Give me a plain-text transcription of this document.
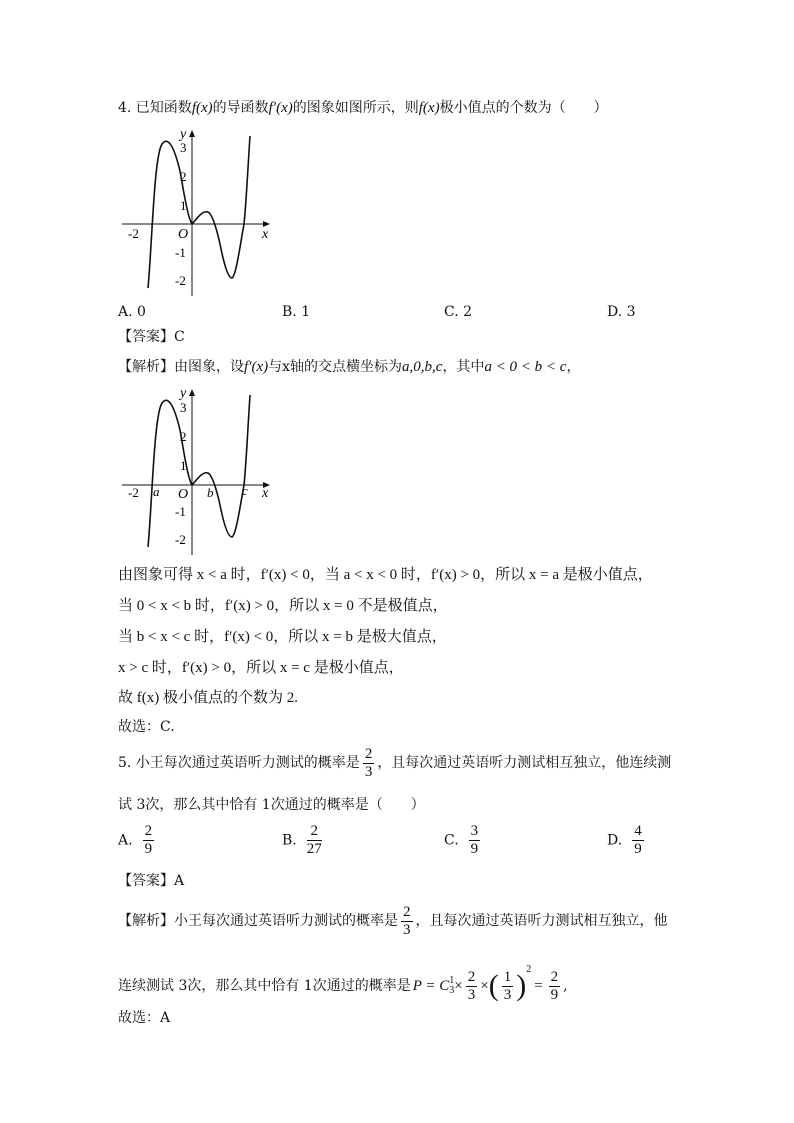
4. 已知函数f(x)的导函数f′(x)的图象如图所示，则f(x)极小值点的个数为（　　）
y
x
O
3
2
1
-1
-2
-2
A. 0	B. 1	C. 2	D. 3
【答案】C
【解析】由图象，设f′(x)与x轴的交点横坐标为a,0,b,c，其中a < 0 < b < c，
y
x
O
3
2
1
-1
-2
-2 a	b c
由图象可得 x < a 时，f′(x) < 0，当 a < x < 0 时，f′(x) > 0，所以 x = a 是极小值点，
当 0 < x < b 时，f′(x) > 0，所以 x = 0 不是极值点，
当 b < x < c 时，f′(x) < 0，所以 x = b 是极大值点，
x > c 时，f′(x) > 0，所以 x = c 是极小值点，
故 f(x) 极小值点的个数为 2.
故选：C.
5. 小王每次通过英语听力测试的概率是 $\frac{2}{3}$ ，且每次通过英语听力测试相互独立，他连续测
试 3次，那么其中恰有 1次通过的概率是（　　）
A. $\frac{2}{9}$	B. $\frac{2}{27}$	C. $\frac{3}{9}$	D. $\frac{4}{9}$
【答案】A
【解析】小王每次通过英语听力测试的概率是 $\frac{2}{3}$ ，且每次通过英语听力测试相互独立，他
连续测试 3次，那么其中恰有 1次通过的概率是 P = C 1
$3 \times \frac{2}{3}$ ×( $\frac{1}{3} )^2= \frac{2}{9}$ ,
故选：A
